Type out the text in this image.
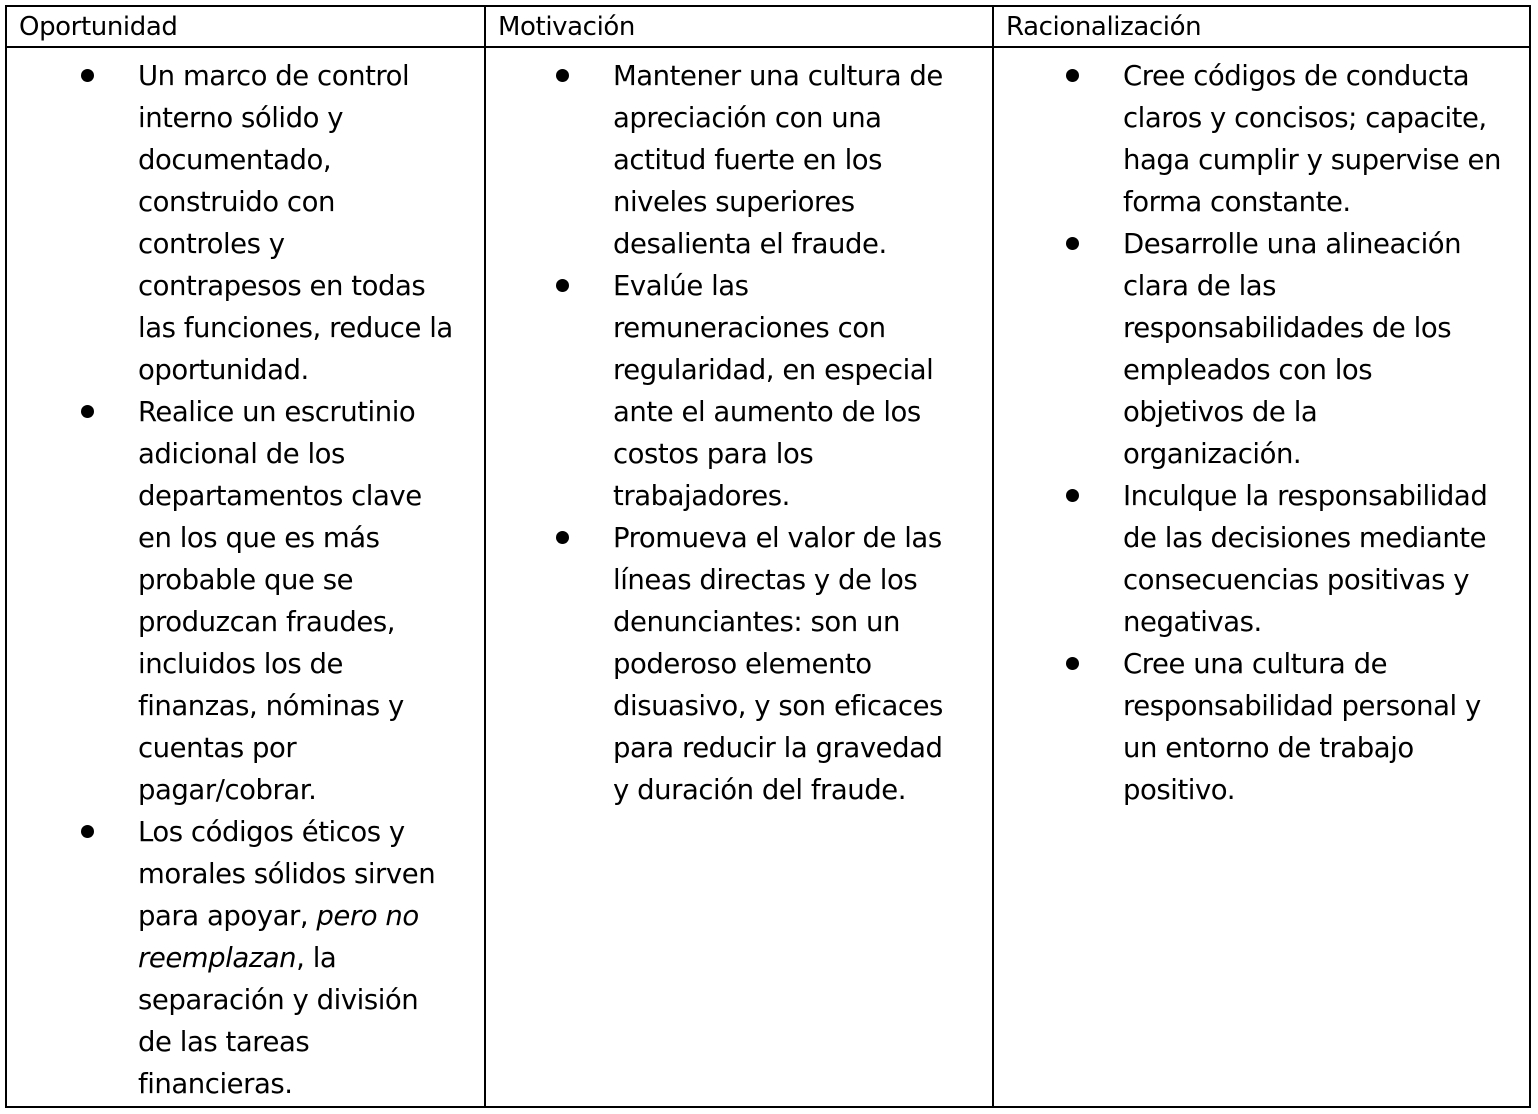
Oportunidad	Motivación	Racionalización
Un marco de control
interno sólido y
documentado,
construido con
controles y
contrapesos en todas
las funciones, reduce la
oportunidad.
Realice un escrutinio
adicional de los
departamentos clave
en los que es más
probable que se
produzcan fraudes,
incluidos los de
finanzas, nóminas y
cuentas por
pagar/cobrar.
Los códigos éticos y
morales sólidos sirven
para apoyar, pero no
reemplazan, la
separación y división
de las tareas
financieras.
Mantener una cultura de
apreciación con una
actitud fuerte en los
niveles superiores
desalienta el fraude.
Evalúe las
remuneraciones con
regularidad, en especial
ante el aumento de los
costos para los
trabajadores.
Promueva el valor de las
líneas directas y de los
denunciantes: son un
poderoso elemento
disuasivo, y son eficaces
para reducir la gravedad
y duración del fraude.
Cree códigos de conducta
claros y concisos; capacite,
haga cumplir y supervise en
forma constante.
Desarrolle una alineación
clara de las
responsabilidades de los
empleados con los
objetivos de la
organización.
Inculque la responsabilidad
de las decisiones mediante
consecuencias positivas y
negativas.
Cree una cultura de
responsabilidad personal y
un entorno de trabajo
positivo.
